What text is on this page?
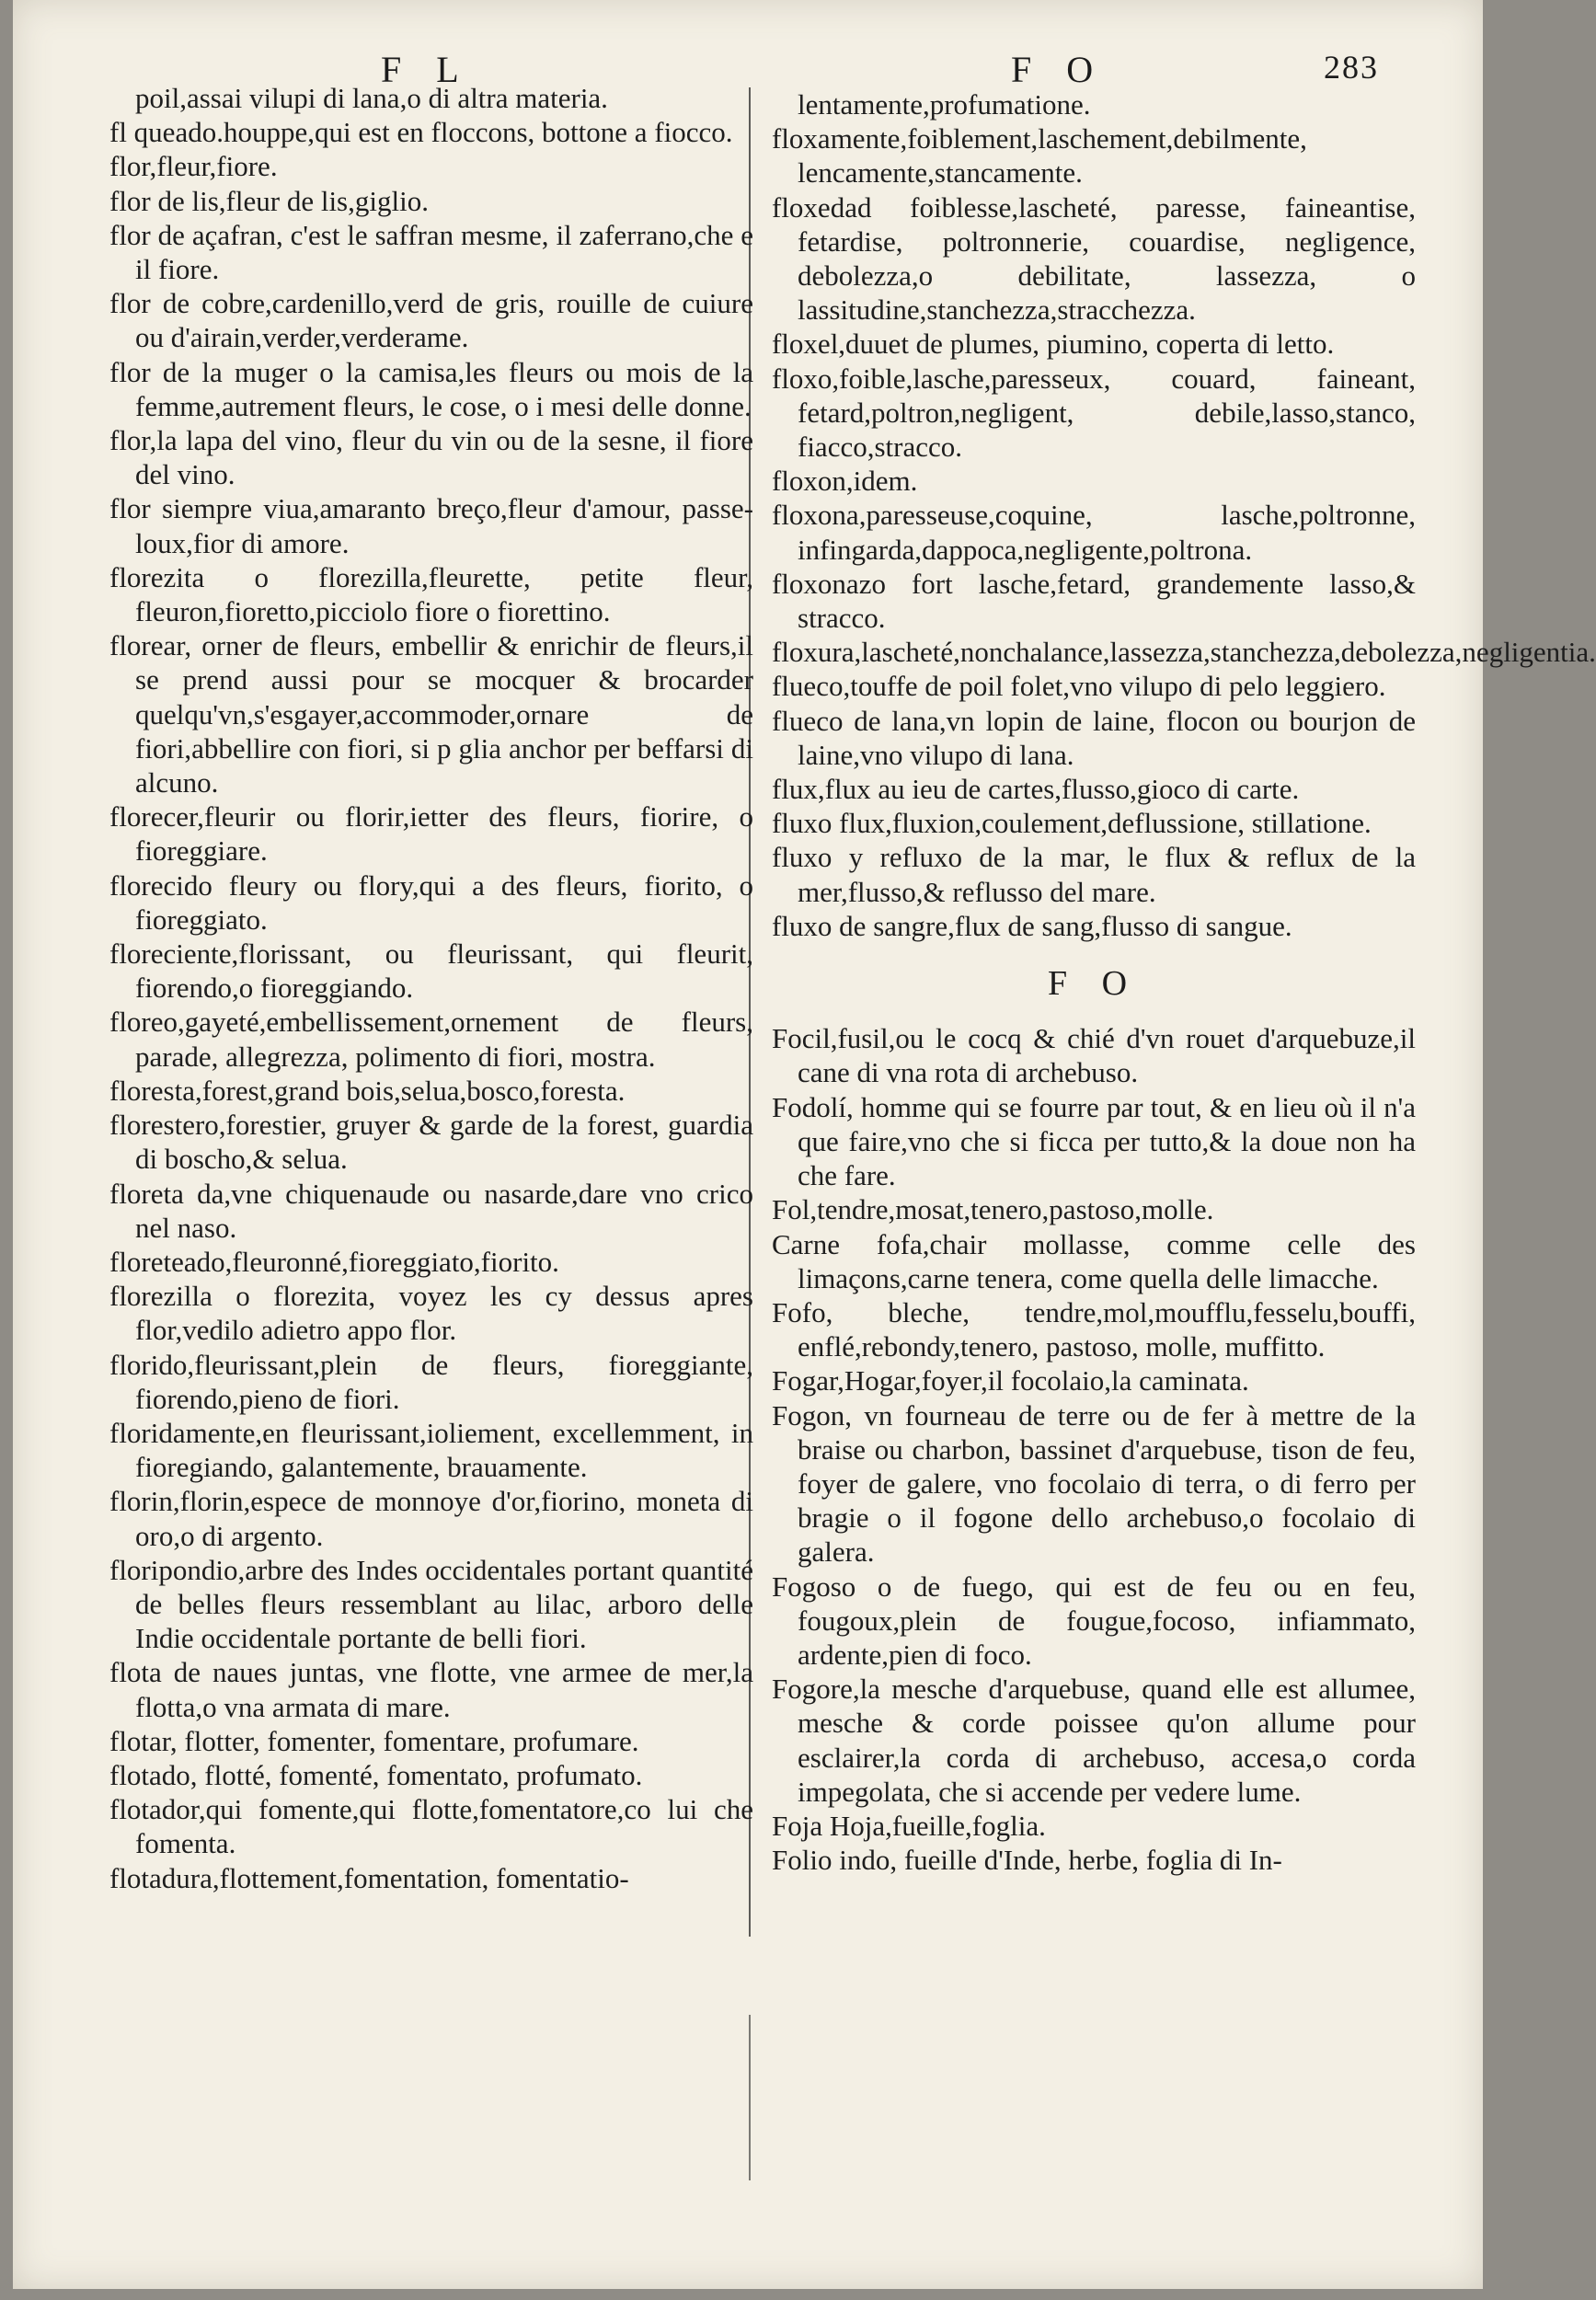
F L	F O	283

poil,assai vilupi di lana,o di altra materia.

fl queado.houppe,qui est en floccons, bottone a fiocco.

flor,fleur,fiore.

flor de lis,fleur de lis,giglio.

flor de açafran, c'est le saffran mesme, il zaferrano,che e il fiore.

flor de cobre,cardenillo,verd de gris, rouille de cuiure ou d'airain,verder,verderame.

flor de la muger o la camisa,les fleurs ou mois de la femme,autrement fleurs, le cose, o i mesi delle donne.

flor,la lapa del vino, fleur du vin ou de la sesne, il fiore del vino.

flor siempre viua,amaranto breço,fleur d'amour, passe-loux,fior di amore.

florezita o florezilla,fleurette, petite fleur, fleuron,fioretto,picciolo fiore o fiorettino.

florear, orner de fleurs, embellir & enrichir de fleurs,il se prend aussi pour se mocquer & brocarder quelqu'vn,s'esgayer,accommoder,ornare de fiori,abbellire con fiori, si p glia anchor per beffarsi di alcuno.

florecer,fleurir ou florir,ietter des fleurs, fiorire, o fioreggiare.

florecido fleury ou flory,qui a des fleurs, fiorito, o fioreggiato.

floreciente,florissant, ou fleurissant, qui fleurit, fiorendo,o fioreggiando.

floreo,gayeté,embellissement,ornement de fleurs, parade, allegrezza, polimento di fiori, mostra.

floresta,forest,grand bois,selua,bosco,foresta.

florestero,forestier, gruyer & garde de la forest, guardia di boscho,& selua.

floreta da,vne chiquenaude ou nasarde,dare vno crico nel naso.

floreteado,fleuronné,fioreggiato,fiorito.

florezilla o florezita, voyez les cy dessus apres flor,vedilo adietro appo flor.

florido,fleurissant,plein de fleurs, fioreggiante, fiorendo,pieno de fiori.

floridamente,en fleurissant,ioliement, excellemment, in fioregiando, galantemente, brauamente.

florin,florin,espece de monnoye d'or,fiorino, moneta di oro,o di argento.

floripondio,arbre des Indes occidentales portant quantité de belles fleurs ressemblant au lilac, arboro delle Indie occidentale portante de belli fiori.

flota de naues juntas, vne flotte, vne armee de mer,la flotta,o vna armata di mare.

flotar, flotter, fomenter, fomentare, profumare.

flotado, flotté, fomenté, fomentato, profumato.

flotador,qui fomente,qui flotte,fomentatore,co lui che fomenta.

flotadura,flottement,fomentation, fomentatio-

lentamente,profumatione.

floxamente,foiblement,laschement,debilmente, lencamente,stancamente.

floxedad foiblesse,lascheté, paresse, faineantise, fetardise, poltronnerie, couardise, negligence, debolezza,o debilitate, lassezza, o lassitudine,stanchezza,stracchezza.

floxel,duuet de plumes, piumino, coperta di letto.

floxo,foible,lasche,paresseux, couard, faineant, fetard,poltron,negligent, debile,lasso,stanco, fiacco,stracco.

floxon,idem.

floxona,paresseuse,coquine, lasche,poltronne, infingarda,dappoca,negligente,poltrona.

floxonazo fort lasche,fetard, grandemente lasso,& stracco.

floxura,lascheté,nonchalance,lassezza,stanchezza,debolezza,negligentia.

flueco,touffe de poil folet,vno vilupo di pelo leggiero.

flueco de lana,vn lopin de laine, flocon ou bourjon de laine,vno vilupo di lana.

flux,flux au ieu de cartes,flusso,gioco di carte.

fluxo flux,fluxion,coulement,deflussione, stillatione.

fluxo y refluxo de la mar, le flux & reflux de la mer,flusso,& reflusso del mare.

fluxo de sangre,flux de sang,flusso di sangue.

F O

Focil,fusil,ou le cocq & chié d'vn rouet d'arquebuze,il cane di vna rota di archebuso.

Fodolí, homme qui se fourre par tout, & en lieu où il n'a que faire,vno che si ficca per tutto,& la doue non ha che fare.

Fol,tendre,mosat,tenero,pastoso,molle.

Carne fofa,chair mollasse, comme celle des limaçons,carne tenera, come quella delle limacche.

Fofo, bleche, tendre,mol,moufflu,fesselu,bouffi, enflé,rebondy,tenero, pastoso, molle, muffitto.

Fogar,Hogar,foyer,il focolaio,la caminata.

Fogon, vn fourneau de terre ou de fer à mettre de la braise ou charbon, bassinet d'arquebuse, tison de feu, foyer de galere, vno focolaio di terra, o di ferro per bragie o il fogone dello archebuso,o focolaio di galera.

Fogoso o de fuego, qui est de feu ou en feu, fougoux,plein de fougue,focoso, infiammato, ardente,pien di foco.

Fogore,la mesche d'arquebuse, quand elle est allumee, mesche & corde poissee qu'on allume pour esclairer,la corda di archebuso, accesa,o corda impegolata, che si accende per vedere lume.

Foja Hoja,fueille,foglia.

Folio indo, fueille d'Inde, herbe, foglia di In-
